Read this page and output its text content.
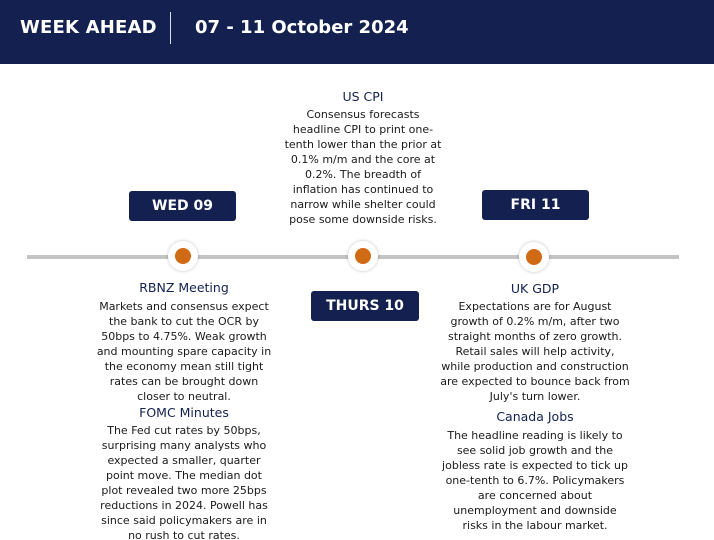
WEEK AHEAD 07 - 11 October 2024
US CPI
Consensus forecasts headline CPI to print one-tenth lower than the prior at 0.1% m/m and the core at 0.2%. The breadth of inflation has continued to narrow while shelter could pose some downside risks.
WED 09	FRI 11
THURS 10
RBNZ Meeting
Markets and consensus expect the bank to cut the OCR by 50bps to 4.75%. Weak growth and mounting spare capacity in the economy mean still tight rates can be brought down closer to neutral.
FOMC Minutes
The Fed cut rates by 50bps, surprising many analysts who expected a smaller, quarter point move. The median dot plot revealed two more 25bps reductions in 2024. Powell has since said policymakers are in no rush to cut rates.
UK GDP
Expectations are for August growth of 0.2% m/m, after two straight months of zero growth. Retail sales will help activity, while production and construction are expected to bounce back from July's turn lower.
Canada Jobs
The headline reading is likely to see solid job growth and the jobless rate is expected to tick up one-tenth to 6.7%. Policymakers are concerned about unemployment and downside risks in the labour market.
